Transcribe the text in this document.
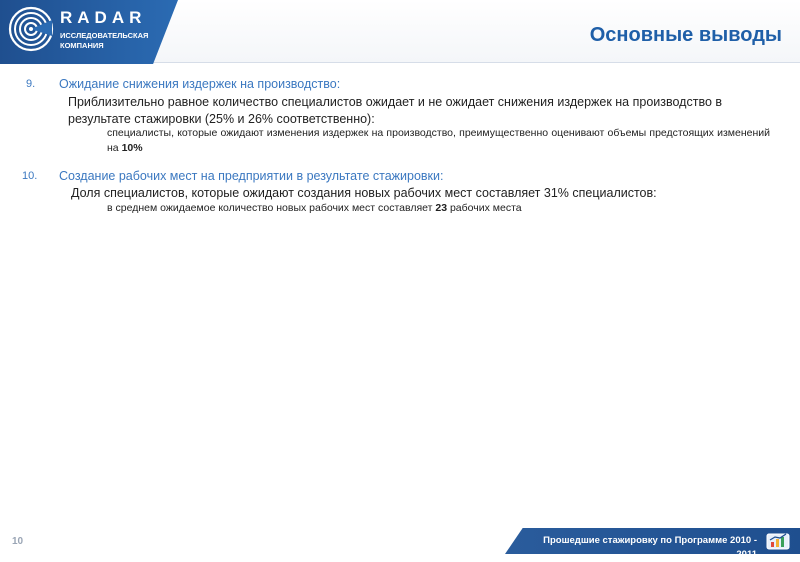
RADAR
ИССЛЕДОВАТЕЛЬСКАЯ КОМПАНИЯ	Основные выводы
9. Ожидание снижения издержек на производство:
Приблизительно равное количество специалистов ожидает и не ожидает снижения издержек на производство в результате стажировки (25% и 26% соответственно):
специалисты, которые ожидают изменения издержек на производство, преимущественно оценивают объемы предстоящих изменений на 10%
10. Создание рабочих мест на предприятии в результате стажировки:
Доля специалистов, которые ожидают создания новых рабочих мест составляет 31% специалистов:
в среднем ожидаемое количество новых рабочих мест составляет 23 рабочих места
10	Прошедшие стажировку по Программе 2010 - 2011
